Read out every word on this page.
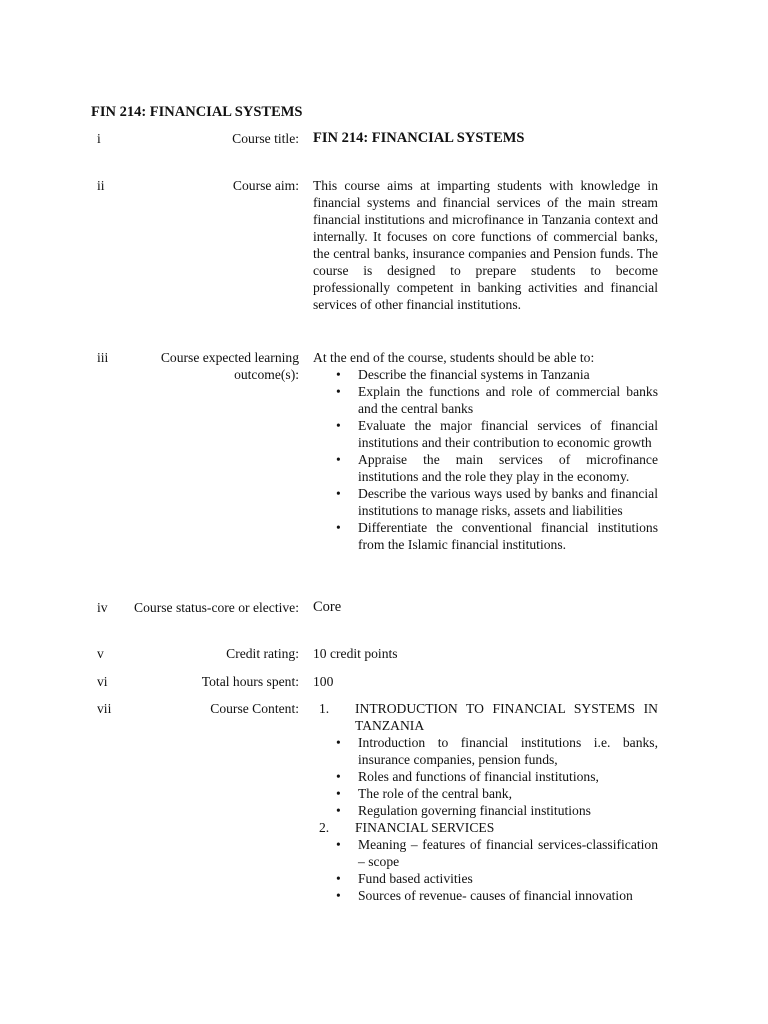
FIN 214: FINANCIAL SYSTEMS
i	Course title: FIN 214: FINANCIAL SYSTEMS
ii	Course aim: This course aims at imparting students with knowledge in financial systems and financial services of the main stream financial institutions and microfinance in Tanzania context and internally. It focuses on core functions of commercial banks, the central banks, insurance companies and Pension funds. The course is designed to prepare students to become professionally competent in banking activities and financial services of other financial institutions.
iii	Course expected learning outcome(s):
At the end of the course, students should be able to:
• Describe the financial systems in Tanzania
• Explain the functions and role of commercial banks and the central banks
• Evaluate the major financial services of financial institutions and their contribution to economic growth
• Appraise the main services of microfinance institutions and the role they play in the economy.
• Describe the various ways used by banks and financial institutions to manage risks, assets and liabilities
• Differentiate the conventional financial institutions from the Islamic financial institutions.
iv	Course status-core or elective: Core
v	Credit rating: 10 credit points
vi	Total hours spent: 100
vii	Course Content: 1. INTRODUCTION TO FINANCIAL SYSTEMS IN TANZANIA
• Introduction to financial institutions i.e. banks, insurance companies, pension funds,
• Roles and functions of financial institutions,
• The role of the central bank,
• Regulation governing financial institutions
2. FINANCIAL SERVICES
• Meaning – features of financial services-classification – scope
• Fund based activities
• Sources of revenue- causes of financial innovation
